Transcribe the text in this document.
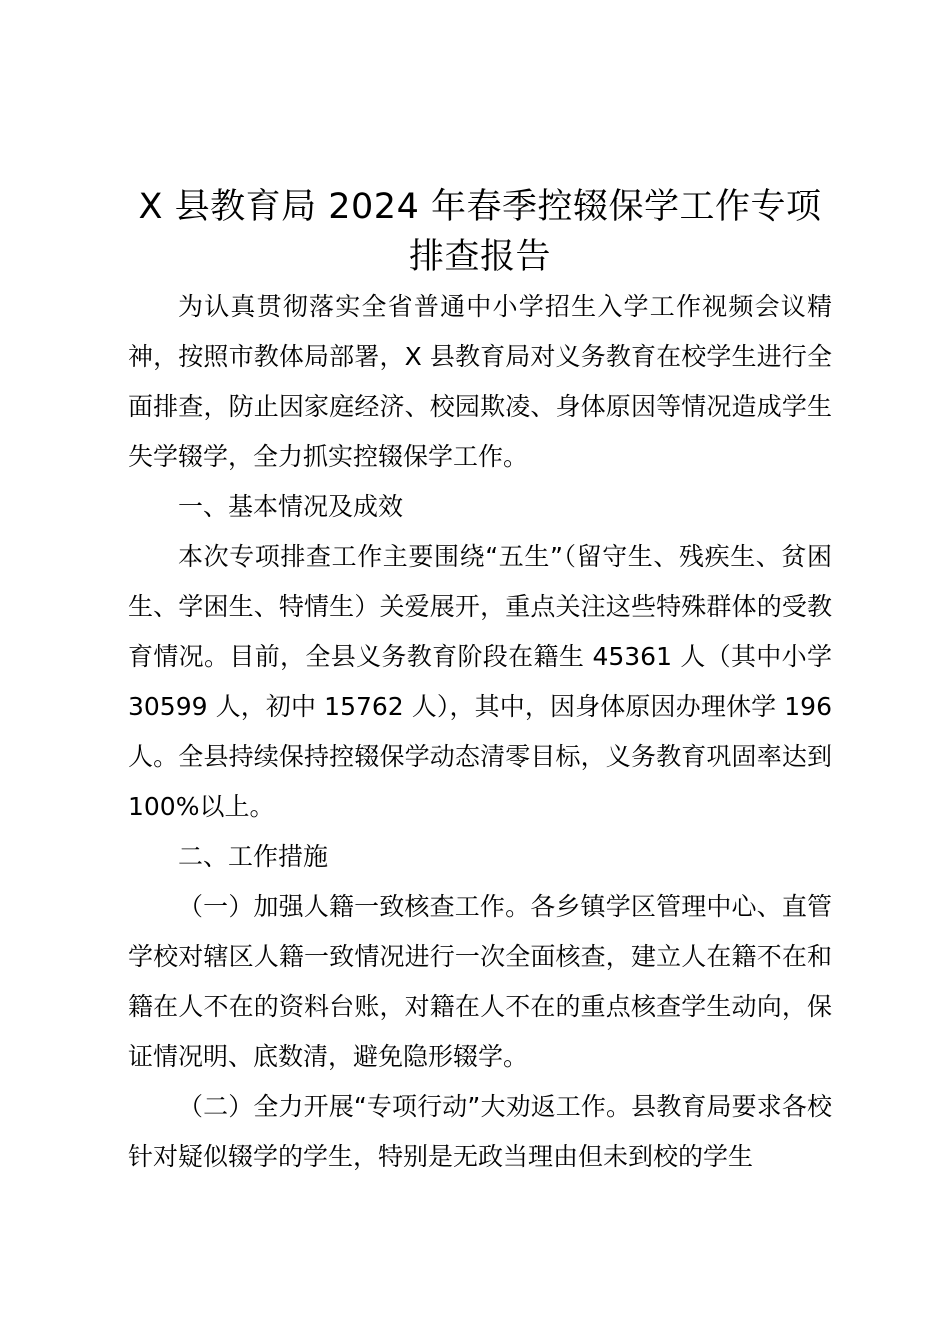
X 县教育局 2024 年春季控辍保学工作专项排查报告

为认真贯彻落实全省普通中小学招生入学工作视频会议精神，按照市教体局部署，X 县教育局对义务教育在校学生进行全面排查，防止因家庭经济、校园欺凌、身体原因等情况造成学生失学辍学，全力抓实控辍保学工作。

一、基本情况及成效

本次专项排查工作主要围绕“五生”（留守生、残疾生、贫困生、学困生、特情生）关爱展开，重点关注这些特殊群体的受教育情况。目前，全县义务教育阶段在籍生 45361 人（其中小学 30599 人，初中 15762 人），其中，因身体原因办理休学 196 人。全县持续保持控辍保学动态清零目标，义务教育巩固率达到 100%以上。

二、工作措施

（一）加强人籍一致核查工作。各乡镇学区管理中心、直管学校对辖区人籍一致情况进行一次全面核查，建立人在籍不在和籍在人不在的资料台账，对籍在人不在的重点核查学生动向，保证情况明、底数清，避免隐形辍学。

（二）全力开展“专项行动”大劝返工作。县教育局要求各校针对疑似辍学的学生，特别是无政当理由但未到校的学生
